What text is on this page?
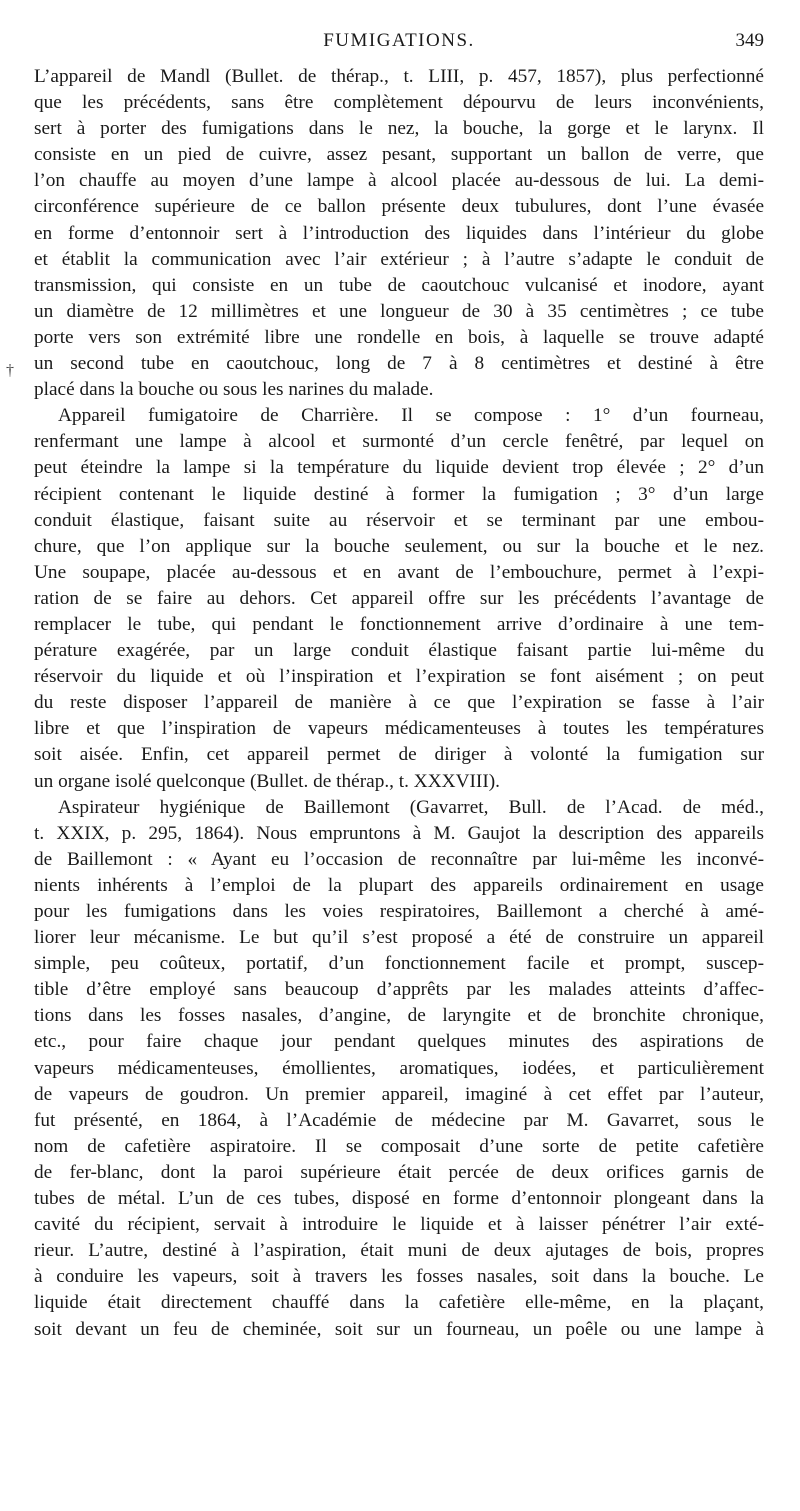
FUMIGATIONS.	349
†
L’appareil de Mandl (Bullet. de thérap., t. LIII, p. 457, 1857), plus perfectionné
que les précédents, sans être complètement dépourvu de leurs inconvénients,
sert à porter des fumigations dans le nez, la bouche, la gorge et le larynx. Il
consiste en un pied de cuivre, assez pesant, supportant un ballon de verre, que
l’on chauffe au moyen d’une lampe à alcool placée au-dessous de lui. La demi-
circonférence supérieure de ce ballon présente deux tubulures, dont l’une évasée
en forme d’entonnoir sert à l’introduction des liquides dans l’intérieur du globe
et établit la communication avec l’air extérieur ; à l’autre s’adapte le conduit de
transmission, qui consiste en un tube de caoutchouc vulcanisé et inodore, ayant
un diamètre de 12 millimètres et une longueur de 30 à 35 centimètres ; ce tube
porte vers son extrémité libre une rondelle en bois, à laquelle se trouve adapté
un second tube en caoutchouc, long de 7 à 8 centimètres et destiné à être
placé dans la bouche ou sous les narines du malade.
Appareil fumigatoire de Charrière. Il se compose : 1° d’un fourneau,
renfermant une lampe à alcool et surmonté d’un cercle fenêtré, par lequel on
peut éteindre la lampe si la température du liquide devient trop élevée ; 2° d’un
récipient contenant le liquide destiné à former la fumigation ; 3° d’un large
conduit élastique, faisant suite au réservoir et se terminant par une embou-
chure, que l’on applique sur la bouche seulement, ou sur la bouche et le nez.
Une soupape, placée au-dessous et en avant de l’embouchure, permet à l’expi-
ration de se faire au dehors. Cet appareil offre sur les précédents l’avantage de
remplacer le tube, qui pendant le fonctionnement arrive d’ordinaire à une tem-
pérature exagérée, par un large conduit élastique faisant partie lui-même du
réservoir du liquide et où l’inspiration et l’expiration se font aisément ; on peut
du reste disposer l’appareil de manière à ce que l’expiration se fasse à l’air
libre et que l’inspiration de vapeurs médicamenteuses à toutes les températures
soit aisée. Enfin, cet appareil permet de diriger à volonté la fumigation sur
un organe isolé quelconque (Bullet. de thérap., t. XXXVIII).
Aspirateur hygiénique de Baillemont (Gavarret, Bull. de l’Acad. de méd.,
t. XXIX, p. 295, 1864). Nous empruntons à M. Gaujot la description des appareils
de Baillemont : « Ayant eu l’occasion de reconnaître par lui-même les inconvé-
nients inhérents à l’emploi de la plupart des appareils ordinairement en usage
pour les fumigations dans les voies respiratoires, Baillemont a cherché à amé-
liorer leur mécanisme. Le but qu’il s’est proposé a été de construire un appareil
simple, peu coûteux, portatif, d’un fonctionnement facile et prompt, suscep-
tible d’être employé sans beaucoup d’apprêts par les malades atteints d’affec-
tions dans les fosses nasales, d’angine, de laryngite et de bronchite chronique,
etc., pour faire chaque jour pendant quelques minutes des aspirations de
vapeurs médicamenteuses, émollientes, aromatiques, iodées, et particulièrement
de vapeurs de goudron. Un premier appareil, imaginé à cet effet par l’auteur,
fut présenté, en 1864, à l’Académie de médecine par M. Gavarret, sous le
nom de cafetière aspiratoire. Il se composait d’une sorte de petite cafetière
de fer-blanc, dont la paroi supérieure était percée de deux orifices garnis de
tubes de métal. L’un de ces tubes, disposé en forme d’entonnoir plongeant dans la
cavité du récipient, servait à introduire le liquide et à laisser pénétrer l’air exté-
rieur. L’autre, destiné à l’aspiration, était muni de deux ajutages de bois, propres
à conduire les vapeurs, soit à travers les fosses nasales, soit dans la bouche. Le
liquide était directement chauffé dans la cafetière elle-même, en la plaçant,
soit devant un feu de cheminée, soit sur un fourneau, un poêle ou une lampe à
